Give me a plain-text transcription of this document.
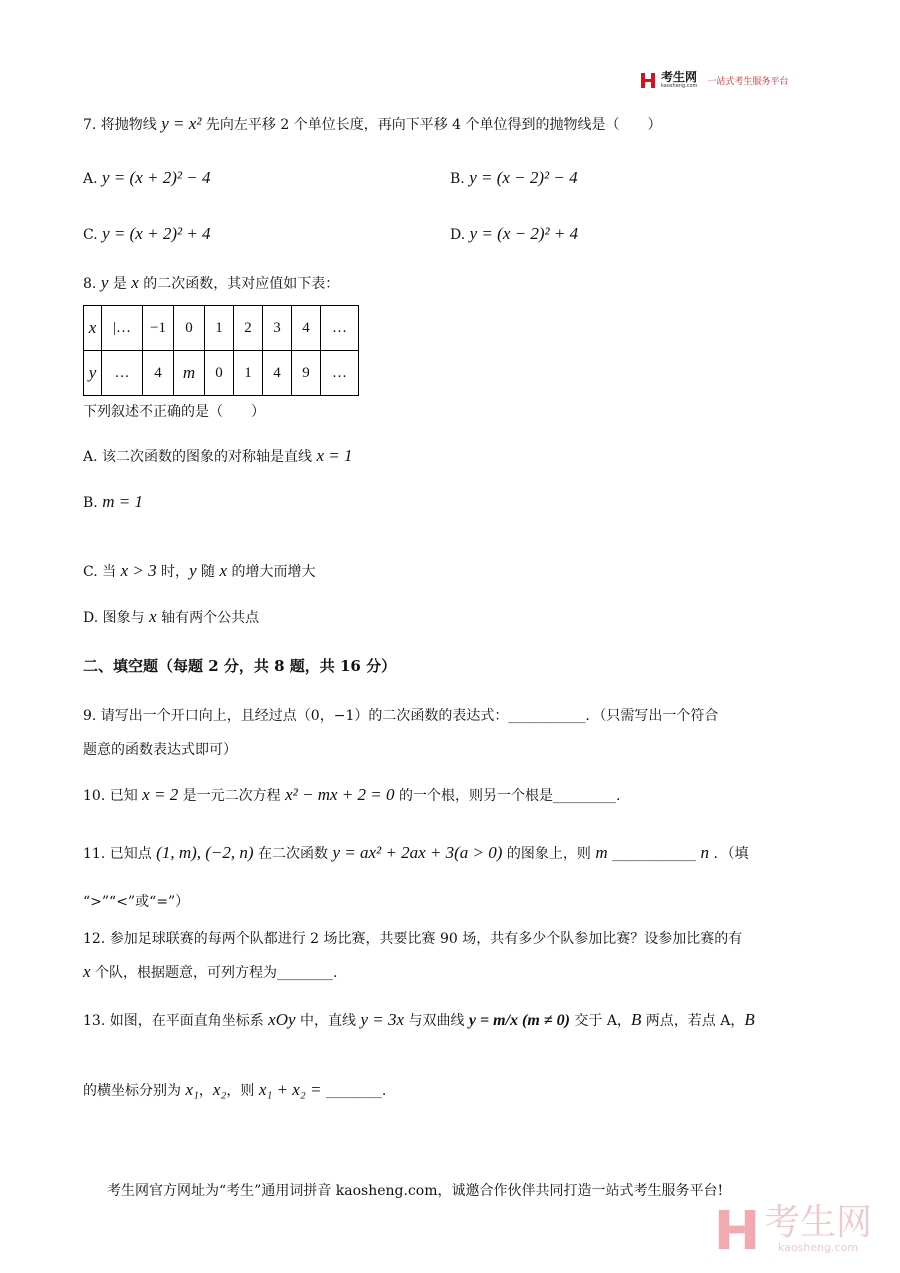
考生网
kaosheng.com 一站式考生服务平台
7. 将抛物线 y = x² 先向左平移 2 个单位长度，再向下平移 4 个单位得到的抛物线是（　　）
A. y = (x + 2)² − 4	B. y = (x − 2)² − 4
C. y = (x + 2)² + 4	D. y = (x − 2)² + 4
8. y 是 x 的二次函数，其对应值如下表：
下列叙述不正确的是（　　）
A. 该二次函数的图象的对称轴是直线 x = 1
B. m = 1
C. 当 x > 3 时，y 随 x 的增大而增大
D. 图象与 x 轴有两个公共点
二、填空题（每题 2 分，共 8 题，共 16 分）
9. 请写出一个开口向上，且经过点（0，−1）的二次函数的表达式：___________．（只需写出一个符合
题意的函数表达式即可）
10. 已知 x = 2 是一元二次方程 x² − mx + 2 = 0 的一个根，则另一个根是_________.
11. 已知点 (1, m), (−2, n) 在二次函数 y = ax² + 2ax + 3(a > 0) 的图象上，则 m ____________ n ．（填
“>”“<”或“=”）
12. 参加足球联赛的每两个队都进行 2 场比赛，共要比赛 90 场，共有多少个队参加比赛？设参加比赛的有
x 个队，根据题意，可列方程为________.
13. 如图，在平面直角坐标系 xOy 中，直线 y = 3x 与双曲线 y = m/x (m ≠ 0) 交于 A，B 两点，若点 A，B
的横坐标分别为 x₁，x₂，则 x₁ + x₂ = ________.
考生网官方网址为“考生”通用词拼音 kaosheng.com，诚邀合作伙伴共同打造一站式考生服务平台!
x	|…	−1	0	1	2	3	4	…
y	…	4	m	0	1	4	9	…
考生网
kaosheng.com
